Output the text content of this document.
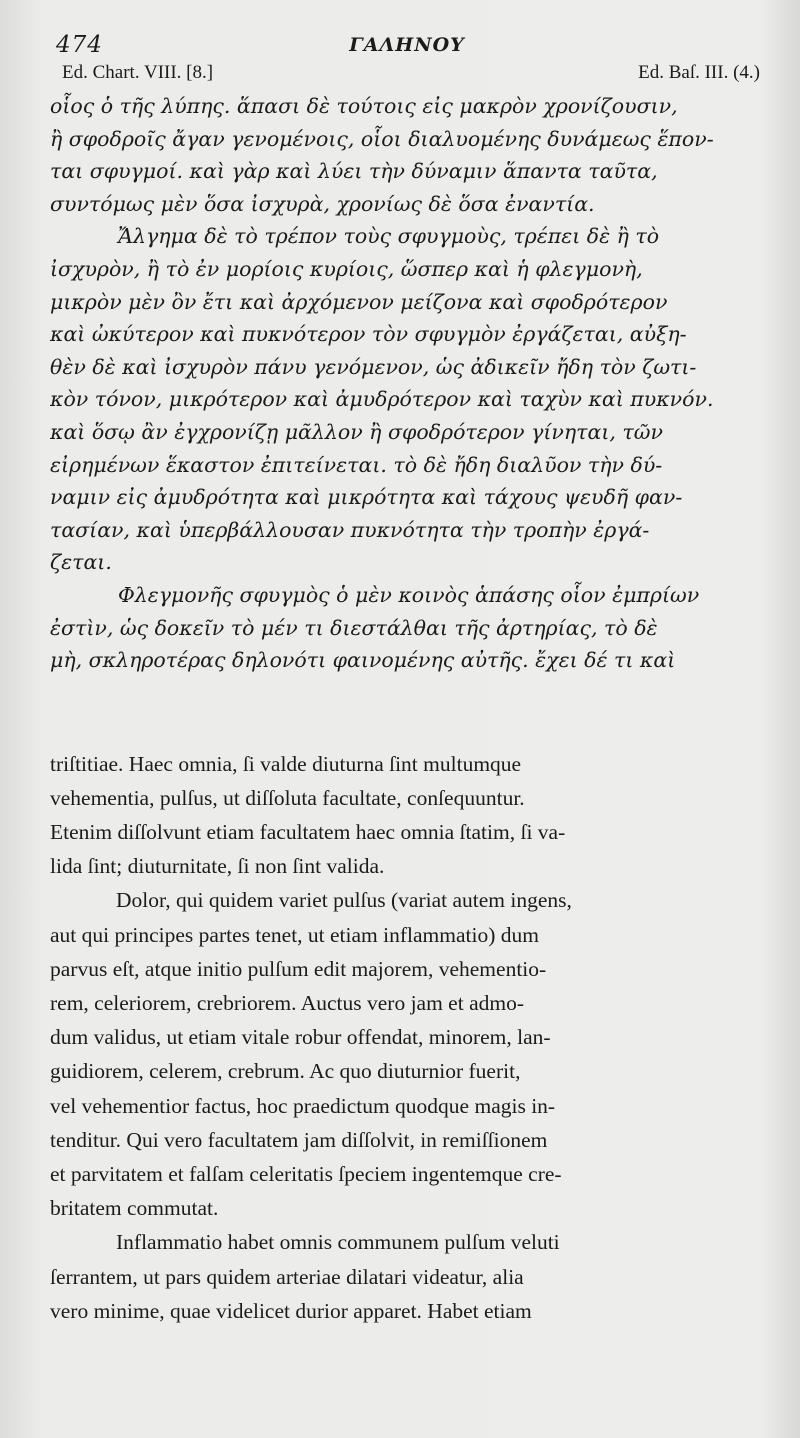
474	ΓΑΛΗΝΟΥ
Ed. Chart. VIII. [8.]	Ed. Baſ. III. (4.)
οἷος ὁ τῆς λύπης. ἅπασι δὲ τούτοις εἰς μακρὸν χρονίζουσιν,
ἢ σφοδροῖς ἄγαν γενομένοις, οἷοι διαλυομένης δυνάμεως ἕπον-
ται σφυγμοί. καὶ γὰρ καὶ λύει τὴν δύναμιν ἅπαντα ταῦτα,
συντόμως μὲν ὅσα ἰσχυρὰ, χρονίως δὲ ὅσα ἐναντία.
Ἄλγημα δὲ τὸ τρέπον τοὺς σφυγμοὺς, τρέπει δὲ ἢ τὸ
ἰσχυρὸν, ἢ τὸ ἐν μορίοις κυρίοις, ὥσπερ καὶ ἡ φλεγμονὴ,
μικρὸν μὲν ὂν ἔτι καὶ ἀρχόμενον μείζονα καὶ σφοδρότερον
καὶ ὠκύτερον καὶ πυκνότερον τὸν σφυγμὸν ἐργάζεται, αὐξη-
θὲν δὲ καὶ ἰσχυρὸν πάνυ γενόμενον, ὡς ἀδικεῖν ἤδη τὸν ζωτι-
κὸν τόνον, μικρότερον καὶ ἀμυδρότερον καὶ ταχὺν καὶ πυκνόν.
καὶ ὅσῳ ἂν ἐγχρονίζῃ μᾶλλον ἢ σφοδρότερον γίνηται, τῶν
εἰρημένων ἕκαστον ἐπιτείνεται. τὸ δὲ ἤδη διαλῦον τὴν δύ-
ναμιν εἰς ἀμυδρότητα καὶ μικρότητα καὶ τάχους ψευδῆ φαν-
τασίαν, καὶ ὑπερβάλλουσαν πυκνότητα τὴν τροπὴν ἐργά-
ζεται.
Φλεγμονῆς σφυγμὸς ὁ μὲν κοινὸς ἁπάσης οἷον ἐμπρίων
ἐστὶν, ὡς δοκεῖν τὸ μέν τι διεστάλθαι τῆς ἀρτηρίας, τὸ δὲ
μὴ, σκληροτέρας δηλονότι φαινομένης αὐτῆς. ἔχει δέ τι καὶ
triſtitiae. Haec omnia, ſi valde diuturna ſint multumque
vehementia, pulſus, ut diſſoluta facultate, conſequuntur.
Etenim diſſolvunt etiam facultatem haec omnia ſtatim, ſi va-
lida ſint; diuturnitate, ſi non ſint valida.
Dolor, qui quidem variet pulſus (variat autem ingens,
aut qui principes partes tenet, ut etiam inflammatio) dum
parvus eſt, atque initio pulſum edit majorem, vehementio-
rem, celeriorem, crebriorem. Auctus vero jam et admo-
dum validus, ut etiam vitale robur offendat, minorem, lan-
guidiorem, celerem, crebrum. Ac quo diuturnior fuerit,
vel vehementior factus, hoc praedictum quodque magis in-
tenditur. Qui vero facultatem jam diſſolvit, in remiſſionem
et parvitatem et falſam celeritatis ſpeciem ingentemque cre-
britatem commutat.
Inflammatio habet omnis communem pulſum veluti
ſerrantem, ut pars quidem arteriae dilatari videatur, alia
vero minime, quae videlicet durior apparet. Habet etiam
